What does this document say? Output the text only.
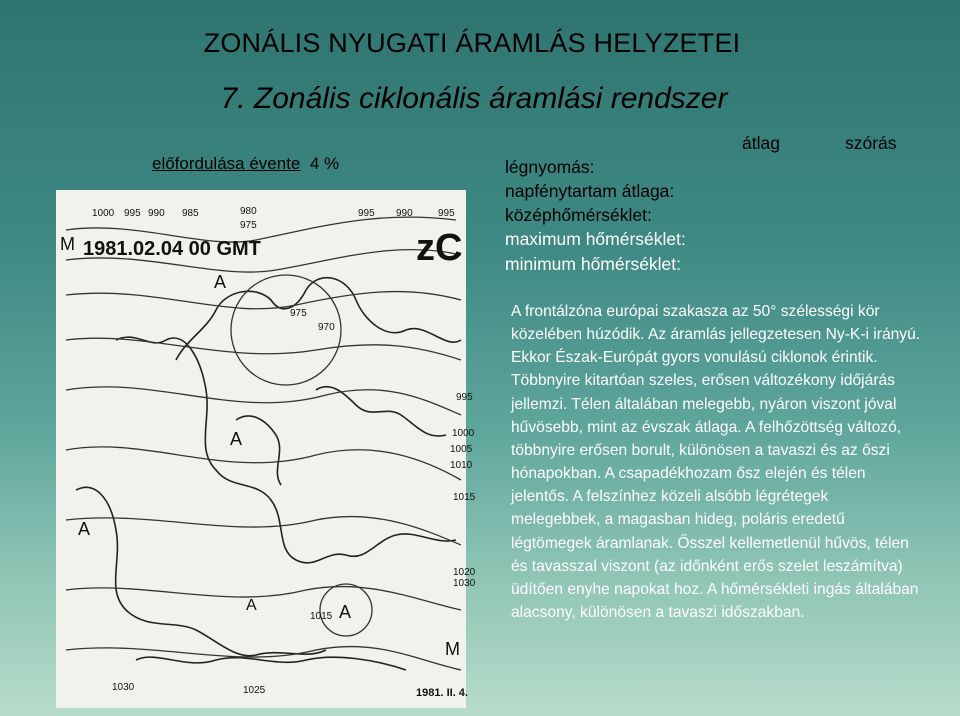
ZONÁLIS NYUGATI ÁRAMLÁS HELYZETEI
7. Zonális ciklonális áramlási rendszer
előfordulása évente 4 %
átlag	szórás
légnyomás:
napfénytartam átlaga:
középhőmérséklet:
maximum hőmérséklet:
minimum hőmérséklet:
1981.02.04 00 GMT	zC
1981. II. 4.
M
A
A
A
M
A
A
1000 995 990 985	980
975
995 990	995
975
970
995
1000
1005
1010
1015
1020
1030
1030	1025
1015
A frontálzóna európai szakasza az 50° szélességi kör közelében húzódik. Az áramlás jellegzetesen Ny-K-i irányú. Ekkor Észak-Európát gyors vonulású ciklonok érintik. Többnyire kitartóan szeles, erősen változékony időjárás jellemzi. Télen általában melegebb, nyáron viszont jóval hűvösebb, mint az évszak átlaga. A felhőzöttség változó, többnyire erősen borult, különösen a tavaszi és az őszi hónapokban. A csapadékhozam ősz elején és télen jelentős. A felszínhez közeli alsóbb légrétegek melegebbek, a magasban hideg, poláris eredetű légtömegek áramlanak. Ősszel kellemetlenül hűvös, télen és tavasszal viszont (az időnként erős szelet leszámítva) üdítően enyhe napokat hoz. A hőmérsékleti ingás általában alacsony, különösen a tavaszi időszakban.
